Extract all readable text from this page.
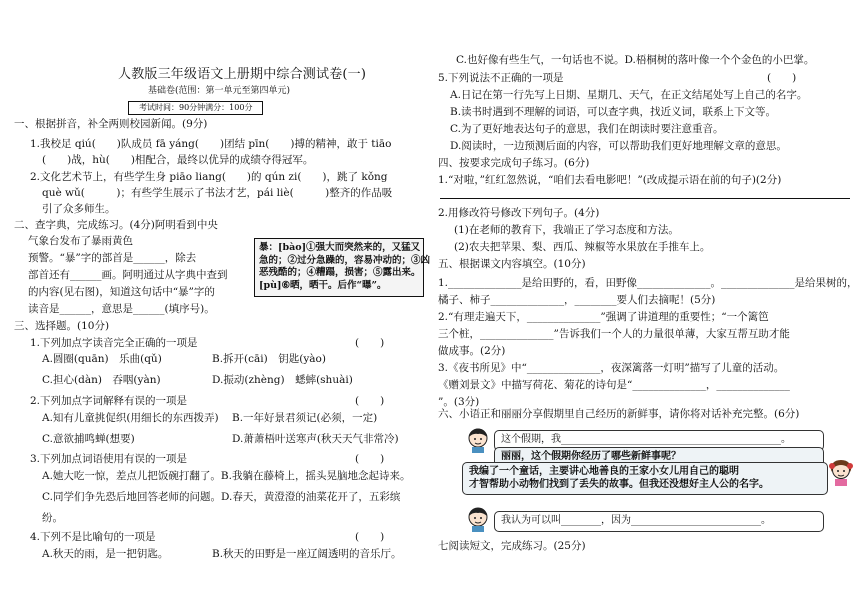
人教版三年级语文上册期中综合测试卷(一)
基础卷(范围：第一单元至第四单元)
考试时间：90分钟满分：100分
一、根据拼音，补全两则校园新闻。(9分)
1.我校足 qiú(　　)队成员 fā yáng(　　)团结 pīn(　　)搏的精神，敢于 tiāo
(　　)战，hù(　　)相配合，最终以优异的成绩夺得冠军。
2.文化艺术节上，有些学生身 piāo liang(　　)的 qún zi(　　)，跳了 kǒng
què wǔ(　　　)；有些学生展示了书法才艺，pái liè(　　　)整齐的作品吸
引了众多师生。
二、查字典，完成练习。(4分)阿明看到中央
气象台发布了暴雨黄色
预警。“暴”字的部首是______，除去
部首还有______画。阿明通过从字典中查到
的内容(见右图)，知道这句话中“暴”字的
读音是______，意思是______(填序号)。
暴：[bào]①强大而突然来的，又猛又
急的；②过分急躁的，容易冲动的；③凶
恶残酷的；④糟蹋，损害；⑤露出来。
[pù]⑥晒，晒干。后作“曝”。
三、选择题。(10分)
1.下列加点字读音完全正确的一项是	(　　)
A.圆圈(quān)　乐曲(qǔ)	B.拆开(cāi)　钥匙(yào)
C.担心(dàn)　吞咽(yàn)	D.振动(zhèng)　蟋蟀(shuài)
2.下列加点字词解释有误的一项是	(　　)
A.知有儿童挑促织(用细长的东西拨弄) B.一年好景君须记(必须，一定)
C.意欲捕鸣蝉(想要)	D.萧萧梧叶送寒声(秋天天气非常冷)
3.下列加点词语使用有误的一项是	(　　)
A.她大吃一惊，差点儿把饭碗打翻了。B.我躺在藤椅上，摇头晃脑地念起诗来。
C.同学们争先恐后地回答老师的问题。D.春天，黄澄澄的油菜花开了，五彩缤
纷。
4.下列不是比喻句的一项是	(　　)
A.秋天的雨，是一把钥匙。	B.秋天的田野是一座辽阔透明的音乐厅。
C.也好像有些生气，一句话也不说。D.梧桐树的落叶像一个个金色的小巴掌。
5.下列说法不正确的一项是	(　　)
A.日记在第一行先写上日期、星期几、天气，在正文结尾处写上自己的名字。
B.读书时遇到不理解的词语，可以查字典，找近义词，联系上下文等。
C.为了更好地表达句子的意思，我们在朗读时要注意重音。
D.阅读时，一边预测后面的内容，可以帮助我们更好地理解文章的意思。
四、按要求完成句子练习。(6分)
1.“对啦，”红红忽然说，“咱们去看电影吧！”(改成提示语在前的句子)(2分)
2.用修改符号修改下列句子。(4分)
(1)在老师的教育下，我端正了学习态度和方法。
(2)农夫把苹果、梨、西瓜、辣椒等水果放在手推车上。
五、根据课文内容填空。(10分)
1.______________是给田野的，看，田野像______________。______________是给果树的，
橘子、柿子______________，________要人们去摘呢！(5分)
2.“有理走遍天下，______________”强调了讲道理的重要性；“一个篱笆
三个桩，______________”告诉我们一个人的力量很单薄，大家互帮互助才能
做成事。(2分)
3.《夜书所见》中“______________，夜深篱落一灯明”描写了儿童的活动。
《赠刘景文》中描写荷花、菊花的诗句是“______________，______________
”。(3分)
六、小语正和丽丽分享假期里自己经历的新鲜事，请你将对话补充完整。(6分)
这个假期，我____________________________________________。
丽丽，这个假期你经历了哪些新鲜事呢？
我编了一个童话，主要讲心地善良的王家小女儿用自己的聪明
才智帮助小动物们找到了丢失的故事。但我还没想好主人公的名字。
我认为可以叫________，因为__________________________。
七阅读短文，完成练习。(25分)
